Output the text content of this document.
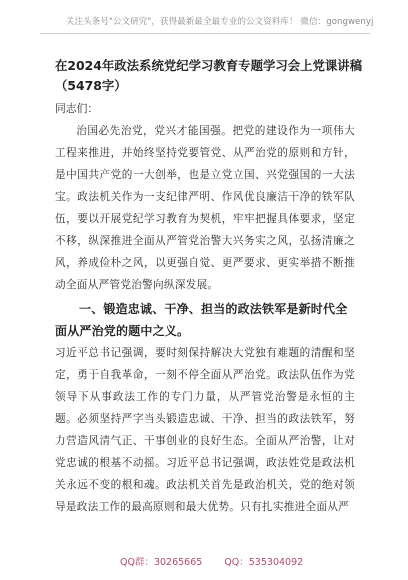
关注头条号"公文研究"，获得最新最全最专业的公文资料库！ 微信：gongwenyj

在2024年政法系统党纪学习教育专题学习会上党课讲稿

（5478字）

同志们：

治国必先治党，党兴才能国强。把党的建设作为一项伟大工程来推进，并始终坚持党要管党、从严治党的原则和方针，是中国共产党的一大创举，也是立党立国、兴党强国的一大法宝。政法机关作为一支纪律严明、作风优良廉洁干净的铁军队伍，要以开展党纪学习教育为契机，牢牢把握具体要求，坚定不移，纵深推进全面从严管党治警大兴务实之风，弘扬清廉之风，养成俭朴之风，以更强自觉、更严要求、更实举措不断推动全面从严管党治警向纵深发展。

一、锻造忠诚、干净、担当的政法铁军是新时代全面从严治党的题中之义。

习近平总书记强调，要时刻保持解决大党独有难题的清醒和坚定，勇于自我革命，一刻不停全面从严治党。政法队伍作为党领导下从事政法工作的专门力量，从严管党治警是永恒的主题。必须坚持严字当头锻造忠诚、干净、担当的政法铁军，努力营造风清气正、干事创业的良好生态。全面从严治警，让对党忠诚的根基不动摇。习近平总书记强调，政法姓党是政法机关永远不变的根和魂。政法机关首先是政治机关，党的绝对领导是政法工作的最高原则和最大优势。只有扎实推进全面从严

QQ群：30265665 QQ：535304092
